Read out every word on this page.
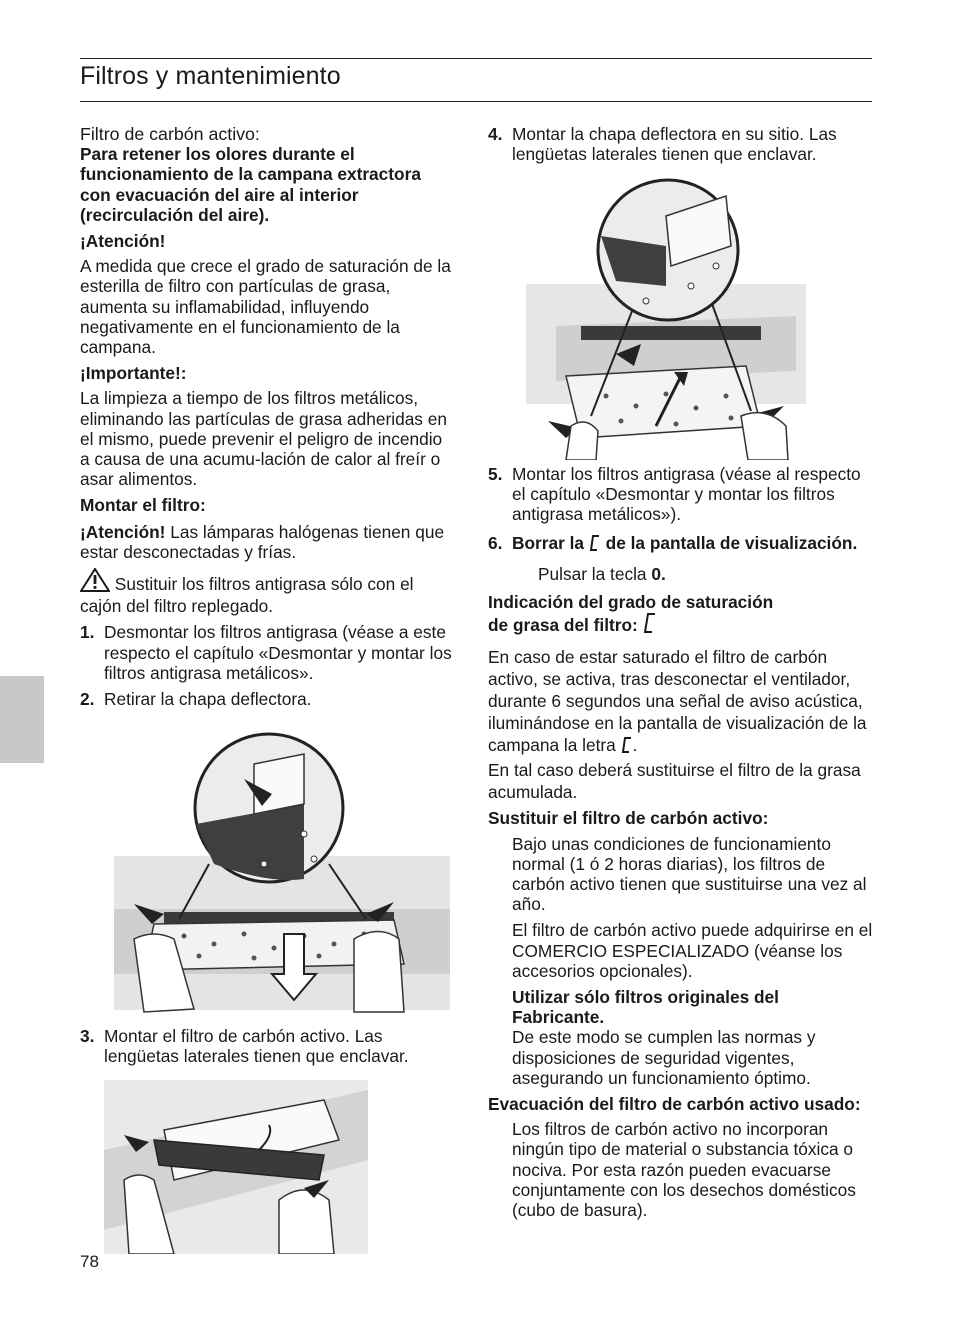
Filtros y mantenimiento

Filtro de carbón activo:

Para retener los olores durante el funcionamiento de la campana extractora con evacuación del aire al interior (recirculación del aire).

¡Atención!

A medida que crece el grado de saturación de la esterilla de filtro con partículas de grasa, aumenta su inflamabilidad, influyendo negativamente en el funcionamiento de la campana.

¡Importante!:

La limpieza a tiempo de los filtros metálicos, eliminando las partículas de grasa adheridas en el mismo, puede prevenir el peligro de incendio a causa de una acumu-lación de calor al freír o asar alimentos.

Montar el filtro:

¡Atención! Las lámparas halógenas tienen que estar desconectadas y frías.

Sustituir los filtros antigrasa sólo con el cajón del filtro replegado.

1. Desmontar los filtros antigrasa (véase a este respecto el capítulo «Desmontar y montar los filtros antigrasa metálicos».
2. Retirar la chapa deflectora.
3. Montar el filtro de carbón activo. Las lengüetas laterales tienen que enclavar.
4. Montar la chapa deflectora en su sitio. Las lengüetas laterales tienen que enclavar.
5. Montar los filtros antigrasa (véase al respecto el capítulo «Desmontar y montar los filtros antigrasa metálicos»).
6. Borrar la  de la pantalla de visualización.

Pulsar la tecla 0.

Indicación del grado de saturación de grasa del filtro:

En caso de estar saturado el filtro de carbón activo, se activa, tras desconectar el ventilador, durante 6 segundos una señal de aviso acústica, iluminándose en la pantalla de visualización de la campana la letra .
En tal caso deberá sustituirse el filtro de la grasa acumulada.

Sustituir el filtro de carbón activo:

Bajo unas condiciones de funcionamiento normal (1 ó 2 horas diarias), los filtros de carbón activo tienen que sustituirse una vez al año.

El filtro de carbón activo puede adquirirse en el COMERCIO ESPECIALIZADO (véanse los accesorios opcionales).

Utilizar sólo filtros originales del Fabricante.

De este modo se cumplen las normas y disposiciones de seguridad vigentes, asegurando un funcionamiento óptimo.

Evacuación del filtro de carbón activo usado:

Los filtros de carbón activo no incorporan ningún tipo de material o substancia tóxica o nociva. Por esta razón pueden evacuarse conjuntamente con los desechos domésticos (cubo de basura).

78
